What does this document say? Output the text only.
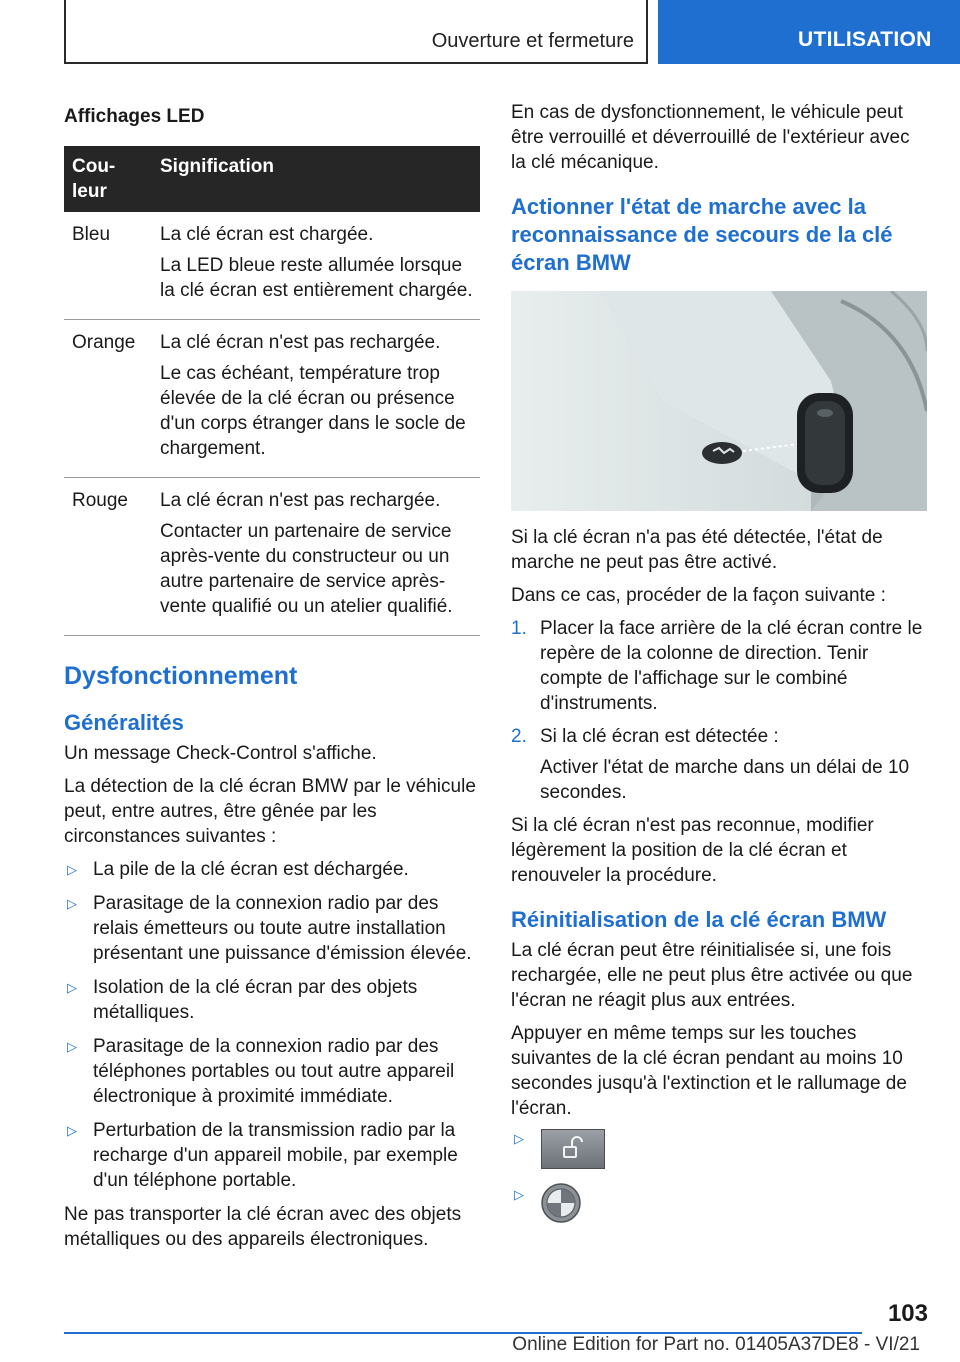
Ouverture et fermeture	UTILISATION
Affichages LED
Cou-
leur	Signification
Bleu	La clé écran est chargée.

La LED bleue reste allumée lorsque la clé écran est entièrement chargée.

Orange	La clé écran n'est pas rechargée.

Le cas échéant, température trop élevée de la clé écran ou présence d'un corps étranger dans le socle de chargement.

Rouge	La clé écran n'est pas rechargée.

Contacter un partenaire de service après-vente du constructeur ou un autre partenaire de service après-vente qualifié ou un atelier qualifié.

Dysfonctionnement
Généralités

Un message Check-Control s'affiche.

La détection de la clé écran BMW par le véhicule peut, entre autres, être gênée par les circonstances suivantes :

▷ La pile de la clé écran est déchargée.
▷ Parasitage de la connexion radio par des relais émetteurs ou toute autre installation présentant une puissance d'émission élevée.
▷ Isolation de la clé écran par des objets métalliques.
▷ Parasitage de la connexion radio par des téléphones portables ou tout autre appareil électronique à proximité immédiate.
▷ Perturbation de la transmission radio par la recharge d'un appareil mobile, par exemple d'un téléphone portable.

Ne pas transporter la clé écran avec des objets métalliques ou des appareils électroniques.

En cas de dysfonctionnement, le véhicule peut être verrouillé et déverrouillé de l'extérieur avec la clé mécanique.

Actionner l'état de marche avec la reconnaissance de secours de la clé écran BMW

Si la clé écran n'a pas été détectée, l'état de marche ne peut pas être activé.

Dans ce cas, procéder de la façon suivante :

1. Placer la face arrière de la clé écran contre le repère de la colonne de direction. Tenir compte de l'affichage sur le combiné d'instruments.
2. Si la clé écran est détectée :
Activer l'état de marche dans un délai de 10 secondes.

Si la clé écran n'est pas reconnue, modifier légèrement la position de la clé écran et renouveler la procédure.

Réinitialisation de la clé écran BMW

La clé écran peut être réinitialisée si, une fois rechargée, elle ne peut plus être activée ou que l'écran ne réagit plus aux entrées.

Appuyer en même temps sur les touches suivantes de la clé écran pendant au moins 10 secondes jusqu'à l'extinction et le rallumage de l'écran.

▷
▷
103
Online Edition for Part no. 01405A37DE8 - VI/21
